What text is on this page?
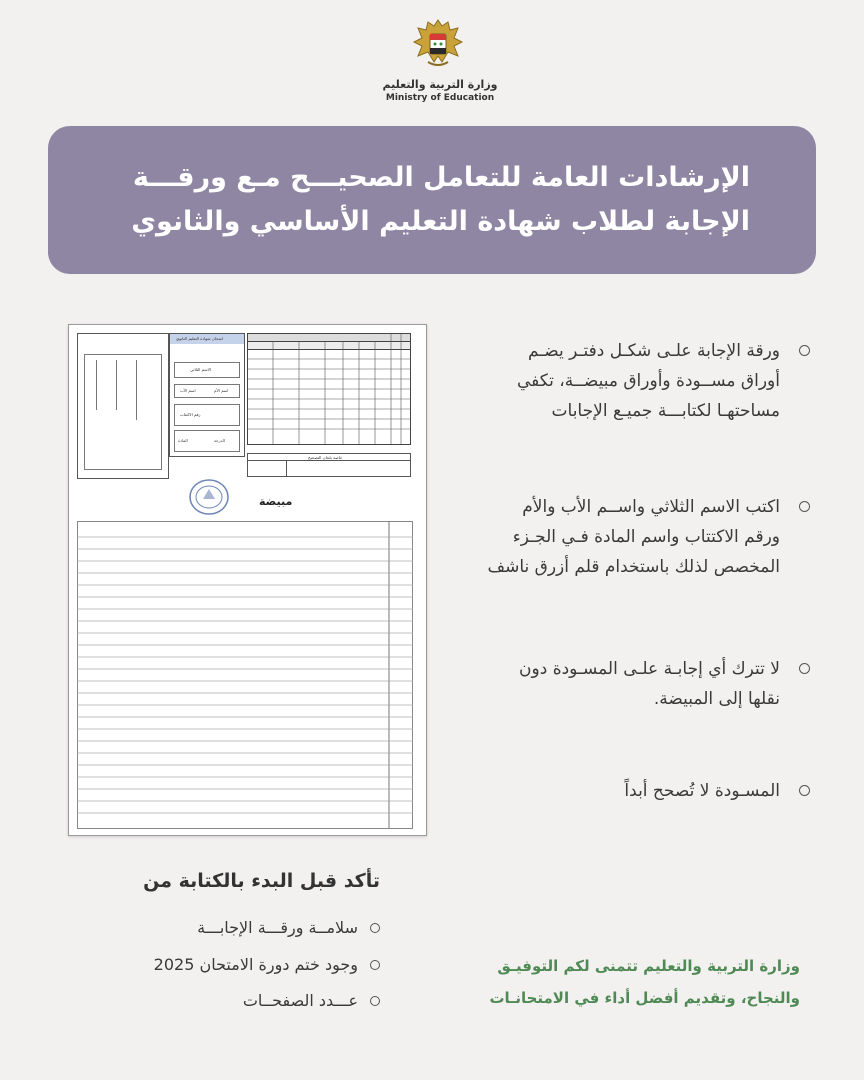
وزارة التربية والتعليم
Ministry of Education
الإرشادات العامة للتعامل الصحيـــح مـع ورقـــة
الإجابة لطلاب شهادة التعليم الأساسي والثانوي
امتحان شهادة التعليم الثانوي
الاسم الثلاثي
اسم الأب	اسم الأم
رقم الاكتتاب
المادة	الدرجة
خاصة بلجان التصحيح
مبيضة
ورقة الإجابة علـى شكـل دفتـر يضـم
أوراق مســودة وأوراق مبيضــة، تكفي
مساحتهـا لكتابـــة جميـع الإجابات
اكتب الاسم الثلاثي واســم الأب والأم
ورقم الاكتتاب واسم المادة فـي الجـزء
المخصص لذلك باستخدام قلم أزرق ناشف
لا تترك أي إجابـة علـى المسـودة دون
نقلها إلى المبيضة.
المسـودة لا تُصحح أبداً
تأكد قبل البدء بالكتابة من
سلامــة ورقـــة الإجابـــة
وجود ختم دورة الامتحان 2025
عـــدد الصفحــات
وزارة التربية والتعليم تتمنى لكم التوفيـق
والنجاح، وتقديم أفضل أداء في الامتحانـات
